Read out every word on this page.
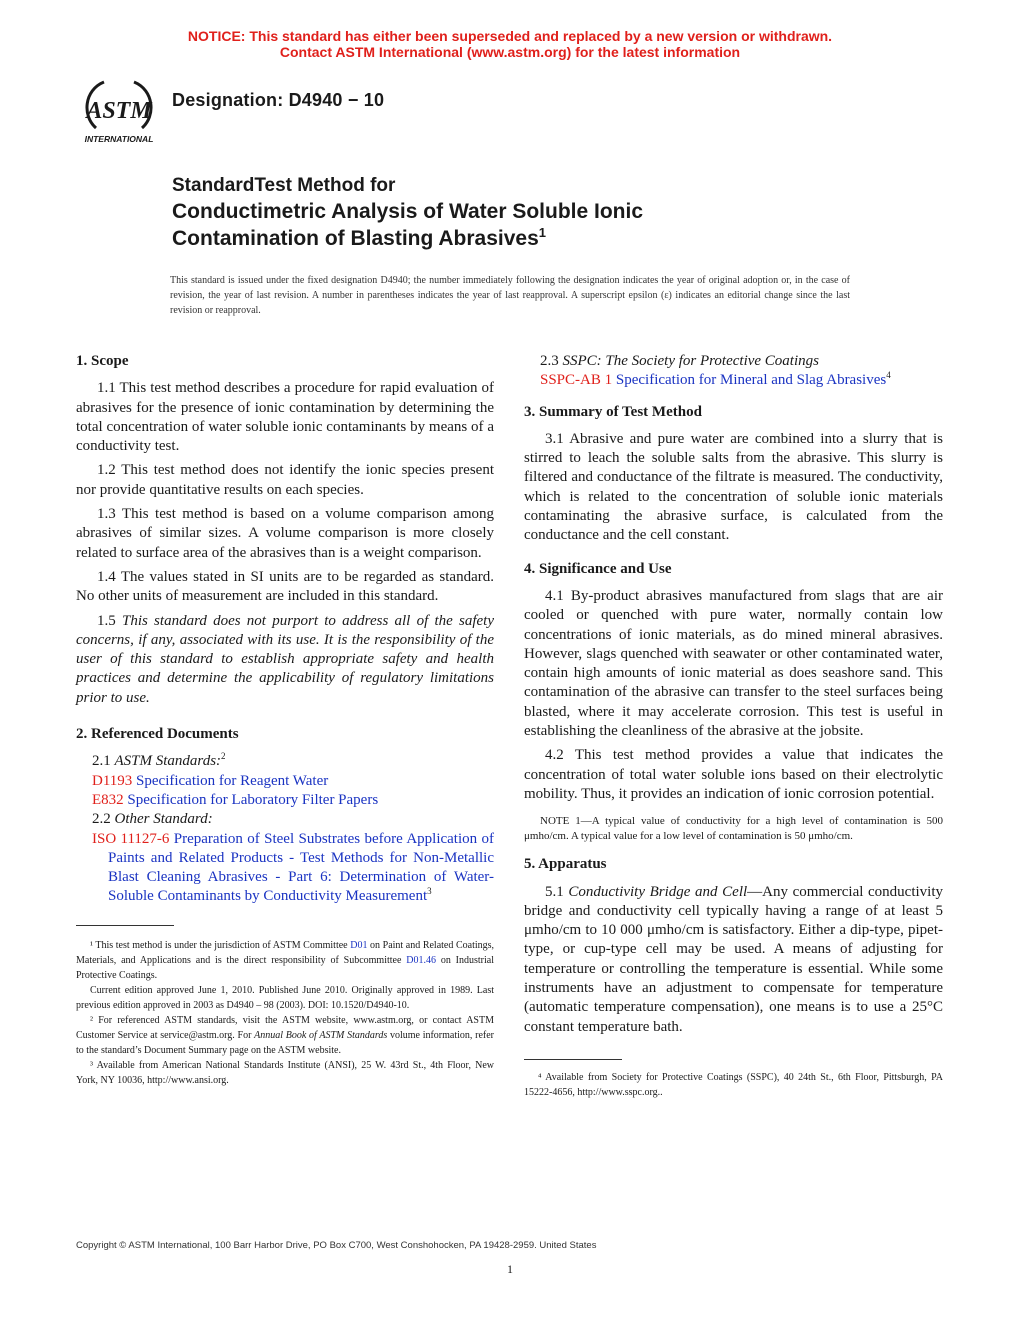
NOTICE: This standard has either been superseded and replaced by a new version or withdrawn.
Contact ASTM International (www.astm.org) for the latest information
ASTM
INTERNATIONAL
Designation: D4940 − 10
StandardTest Method for
Conductimetric Analysis of Water Soluble Ionic
Contamination of Blasting Abrasives$^1$
This standard is issued under the fixed designation D4940; the number immediately following the designation indicates the year of original adoption or, in the case of revision, the year of last revision. A number in parentheses indicates the year of last reapproval. A superscript epsilon (ε) indicates an editorial change since the last revision or reapproval.
1. Scope

1.1 This test method describes a procedure for rapid evaluation of abrasives for the presence of ionic contamination by determining the total concentration of water soluble ionic contaminants by means of a conductivity test.

1.2 This test method does not identify the ionic species present nor provide quantitative results on each species.

1.3 This test method is based on a volume comparison among abrasives of similar sizes. A volume comparison is more closely related to surface area of the abrasives than is a weight comparison.

1.4 The values stated in SI units are to be regarded as standard. No other units of measurement are included in this standard.

1.5 This standard does not purport to address all of the safety concerns, if any, associated with its use. It is the responsibility of the user of this standard to establish appropriate safety and health practices and determine the applicability of regulatory limitations prior to use.

2. Referenced Documents
2.1 ASTM Standards:$^2$
D1193 Specification for Reagent Water
E832 Specification for Laboratory Filter Papers
2.2 Other Standard:
ISO 11127-6 Preparation of Steel Substrates before Application of Paints and Related Products - Test Methods for Non-Metallic Blast Cleaning Abrasives - Part 6: Determination of Water-Soluble Contaminants by Conductivity Measurement$^3$

¹ This test method is under the jurisdiction of ASTM Committee D01 on Paint and Related Coatings, Materials, and Applications and is the direct responsibility of Subcommittee D01.46 on Industrial Protective Coatings.

Current edition approved June 1, 2010. Published June 2010. Originally approved in 1989. Last previous edition approved in 2003 as D4940 – 98 (2003). DOI: 10.1520/D4940-10.

² For referenced ASTM standards, visit the ASTM website, www.astm.org, or contact ASTM Customer Service at service@astm.org. For Annual Book of ASTM Standards volume information, refer to the standard’s Document Summary page on the ASTM website.

³ Available from American National Standards Institute (ANSI), 25 W. 43rd St., 4th Floor, New York, NY 10036, http://www.ansi.org.

2.3 SSPC: The Society for Protective Coatings
SSPC-AB 1 Specification for Mineral and Slag Abrasives$^4$
3. Summary of Test Method

3.1 Abrasive and pure water are combined into a slurry that is stirred to leach the soluble salts from the abrasive. This slurry is filtered and conductance of the filtrate is measured. The conductivity, which is related to the concentration of soluble ionic materials contaminating the abrasive surface, is calculated from the conductance and the cell constant.

4. Significance and Use

4.1 By-product abrasives manufactured from slags that are air cooled or quenched with pure water, normally contain low concentrations of ionic materials, as do mined mineral abrasives. However, slags quenched with seawater or other contaminated water, contain high amounts of ionic material as does seashore sand. This contamination of the abrasive can transfer to the steel surfaces being blasted, where it may accelerate corrosion. This test is useful in establishing the cleanliness of the abrasive at the jobsite.

4.2 This test method provides a value that indicates the concentration of total water soluble ions based on their electrolytic mobility. Thus, it provides an indication of ionic corrosion potential.

NOTE 1—A typical value of conductivity for a high level of contamination is 500 μmho/cm. A typical value for a low level of contamination is 50 μmho/cm.
5. Apparatus

5.1 Conductivity Bridge and Cell—Any commercial conductivity bridge and conductivity cell typically having a range of at least 5 μmho/cm to 10 000 μmho/cm is satisfactory. Either a dip-type, pipet-type, or cup-type cell may be used. A means of adjusting for temperature or controlling the temperature is essential. While some instruments have an adjustment to compensate for temperature (automatic temperature compensation), one means is to use a 25°C constant temperature bath.

⁴ Available from Society for Protective Coatings (SSPC), 40 24th St., 6th Floor, Pittsburgh, PA 15222-4656, http://www.sspc.org..

Copyright © ASTM International, 100 Barr Harbor Drive, PO Box C700, West Conshohocken, PA 19428-2959. United States
1
